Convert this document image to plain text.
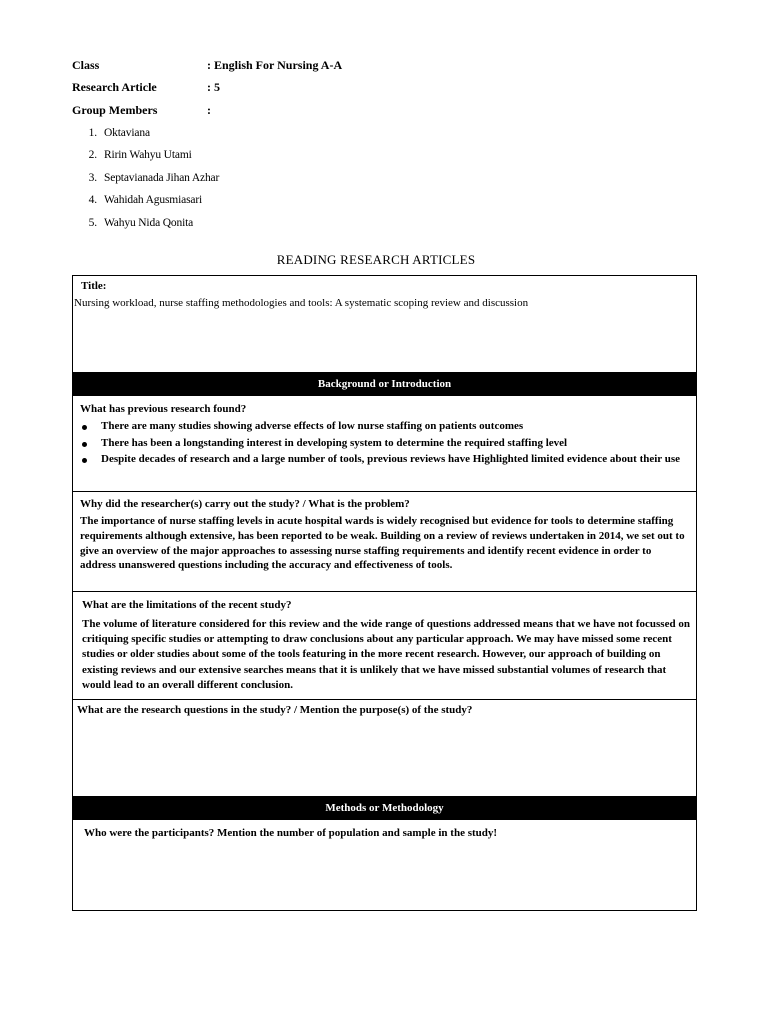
Class	: English For Nursing A-A
Research Article	: 5
Group Members	:
1. Oktaviana
2. Ririn Wahyu Utami
3. Septavianada Jihan Azhar
4. Wahidah Agusmiasari
5. Wahyu Nida Qonita
READING RESEARCH ARTICLES
Title:
Nursing workload, nurse staffing methodologies and tools: A systematic scoping review and discussion
Background or Introduction
What has previous research found?
There are many studies showing adverse effects of low nurse staffing on patients outcomes
There has been a longstanding interest in developing system to determine the required staffing level
Despite decades of research and a large number of tools, previous reviews have Highlighted limited evidence about their use
Why did the researcher(s) carry out the study? / What is the problem?
The importance of nurse staffing levels in acute hospital wards is widely recognised but evidence for tools to determine staffing requirements although extensive, has been reported to be weak. Building on a review of reviews undertaken in 2014, we set out to give an overview of the major approaches to assessing nurse staffing requirements and identify recent evidence in order to address unanswered questions including the accuracy and effectiveness of tools.
What are the limitations of the recent study?
The volume of literature considered for this review and the wide range of questions addressed means that we have not focussed on critiquing specific studies or attempting to draw conclusions about any particular approach. We may have missed some recent studies or older studies about some of the tools featuring in the more recent research. However, our approach of building on existing reviews and our extensive searches means that it is unlikely that we have missed substantial volumes of research that would lead to an overall different conclusion.
What are the research questions in the study? / Mention the purpose(s) of the study?
Methods or Methodology
Who were the participants? Mention the number of population and sample in the study!
